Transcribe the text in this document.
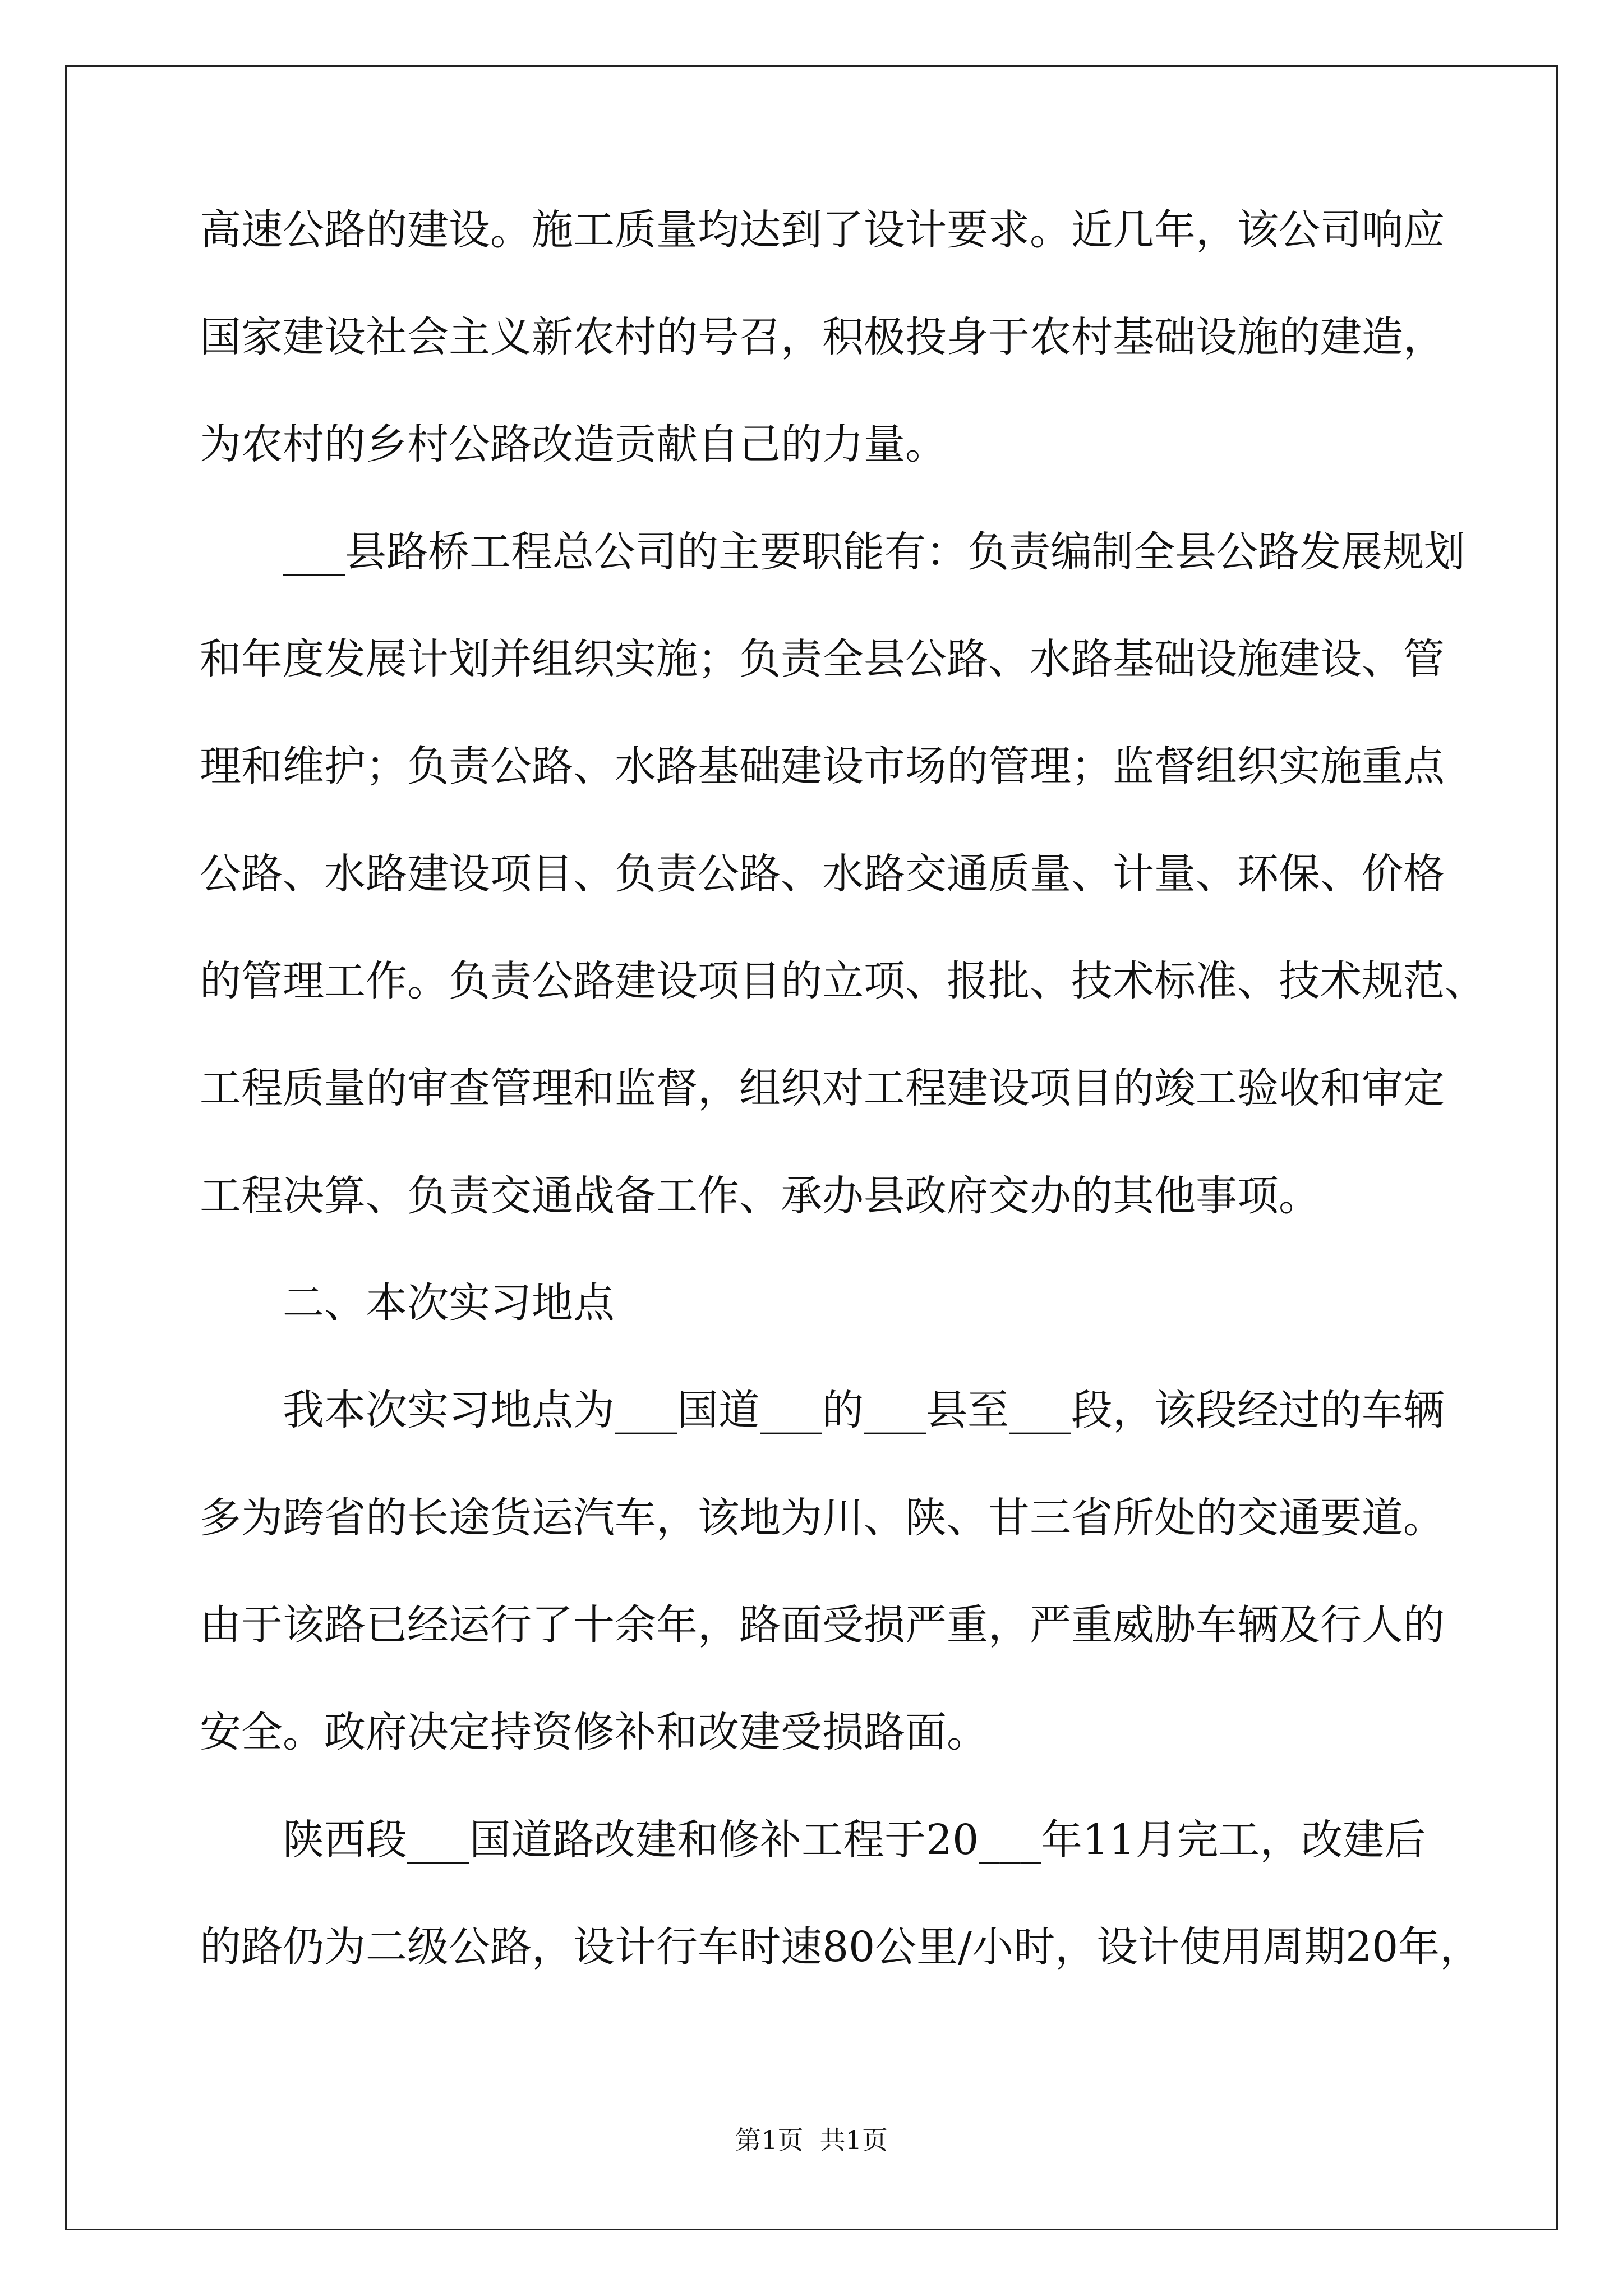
高速公路的建设。施工质量均达到了设计要求。近几年，该公司响应
国家建设社会主义新农村的号召，积极投身于农村基础设施的建造，
为农村的乡村公路改造贡献自己的力量。
___县路桥工程总公司的主要职能有：负责编制全县公路发展规划
和年度发展计划并组织实施；负责全县公路、水路基础设施建设、管
理和维护；负责公路、水路基础建设市场的管理；监督组织实施重点
公路、水路建设项目、负责公路、水路交通质量、计量、环保、价格
的管理工作。负责公路建设项目的立项、报批、技术标准、技术规范、
工程质量的审查管理和监督，组织对工程建设项目的竣工验收和审定
工程决算、负责交通战备工作、承办县政府交办的其他事项。
二、本次实习地点
我本次实习地点为___国道___的___县至___段，该段经过的车辆
多为跨省的长途货运汽车，该地为川、陕、甘三省所处的交通要道。
由于该路已经运行了十余年，路面受损严重，严重威胁车辆及行人的
安全。政府决定持资修补和改建受损路面。
陕西段___国道路改建和修补工程于20___年11月完工，改建后
的路仍为二级公路，设计行车时速80公里/小时，设计使用周期20年，
第1页  共1页
